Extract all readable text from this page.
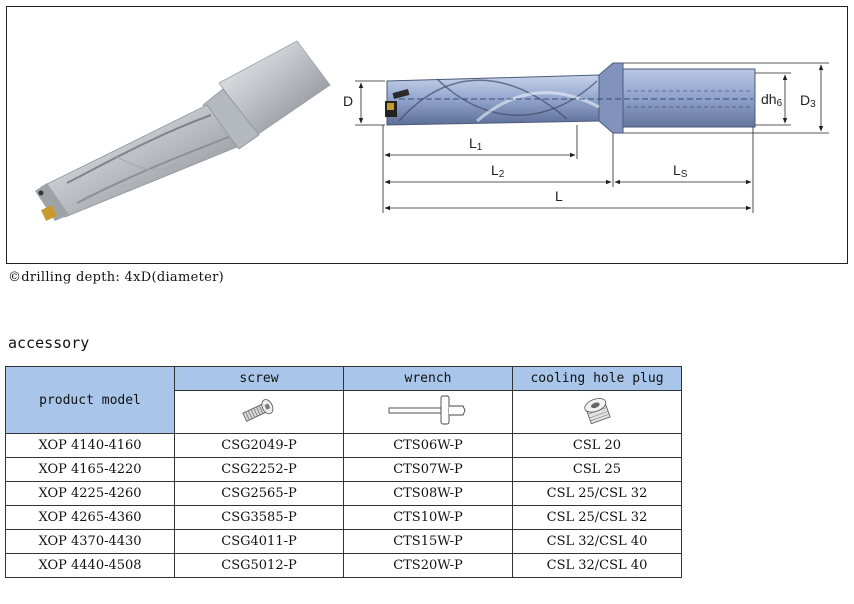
D	dh6 D3
L1
L2	LS
L
©drilling depth: 4xD(diameter)
accessory
product model	screw	wrench	cooling hole plug

XOP 4140-4160	CSG2049-P	CTS06W-P	CSL 20
XOP 4165-4220	CSG2252-P	CTS07W-P	CSL 25
XOP 4225-4260	CSG2565-P	CTS08W-P	CSL 25/CSL 32
XOP 4265-4360	CSG3585-P	CTS10W-P	CSL 25/CSL 32
XOP 4370-4430	CSG4011-P	CTS15W-P	CSL 32/CSL 40
XOP 4440-4508	CSG5012-P	CTS20W-P	CSL 32/CSL 40
